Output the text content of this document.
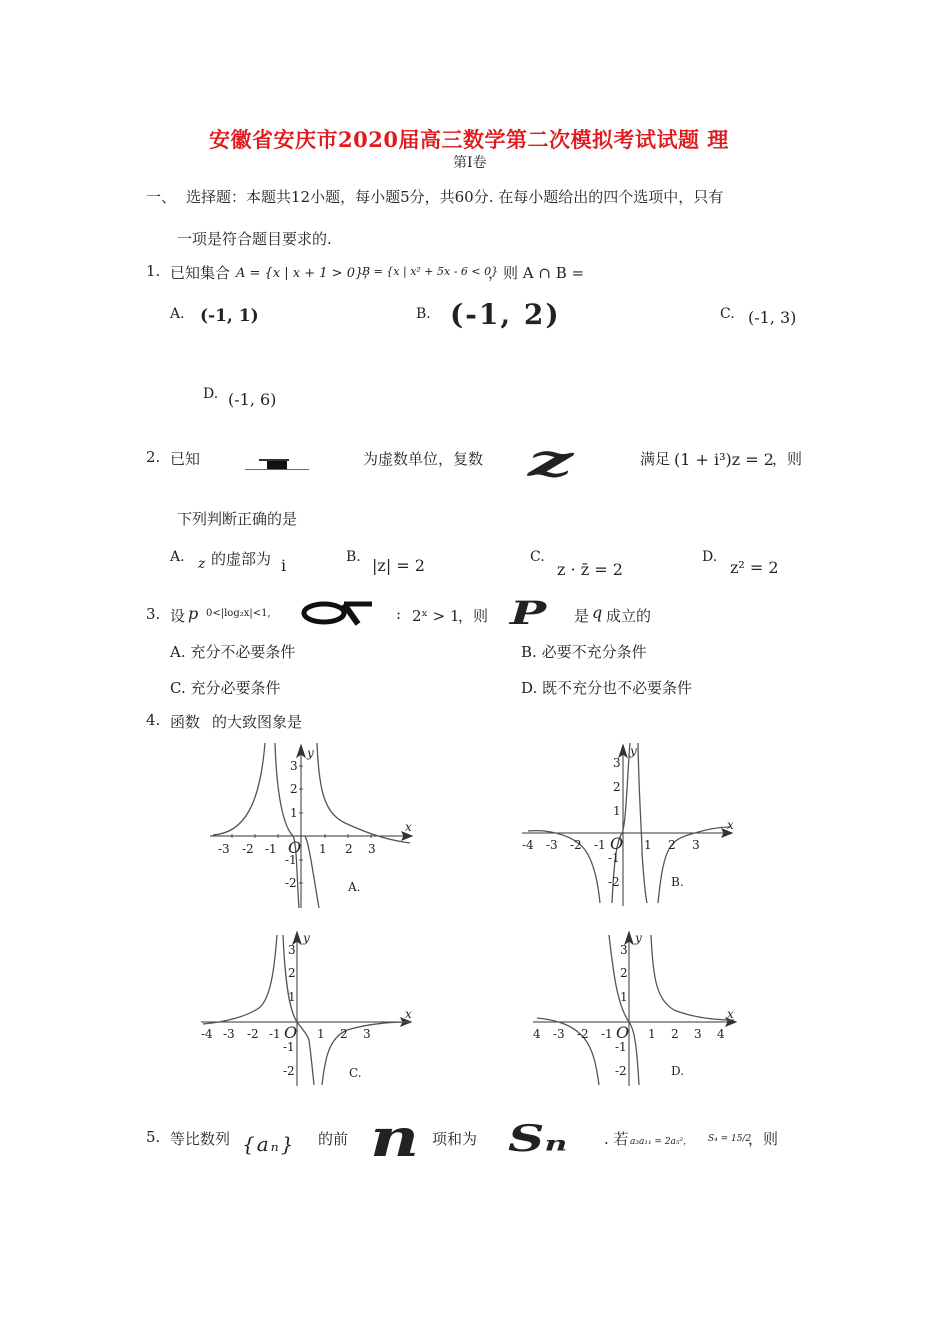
安徽省安庆市2020届高三数学第二次模拟考试试题 理
第I卷
一、 选择题：本题共12小题，每小题5分，共60分. 在每小题给出的四个选项中，只有
一项是符合题目要求的.
1. 已知集合 A = {x | x + 1 > 0}，
B = {x | x² + 5x - 6 < 0}
，则 A ∩ B =
A. (-1, 1)	B. (-1, 2)	C. (-1, 3)
D. (-1, 6)
2. 已知	为虚数单位，复数 z	满足 (1 + i³)z = 2
，则
下列判断正确的是
A. z 的虚部为 i	B. |z| = 2	C.
z · z̄ = 2
D.
z² = 2
3. 设 p 0<|log₂x|<1,	: 2ˣ > 1
，则 P 是 q 成立的
A. 充分不必要条件	B. 必要不充分条件
C. 充分必要条件	D. 既不充分也不必要条件
4. 函数 . 的大致图象是
-3 -2 -1	2 3
1
3
2
1
-1
-2
O
y
x
A.
-4 -3 -2 -1	1 2 3
3
2
1
-1
-2
O
y
x
B.
-4 -3 -2 -1	1 2 3
3
2
1
-1
-2
O
y
x
C.
4 -3 -2 -1	1 2 3 4
3
2
1
-1
-2
O
y
x
D.
5. 等比数列 {aₙ} 的前 n 项和为 Sₙ . 若 a₃a₁₁ = 2a₅²， S₄ = 15/2
，则
